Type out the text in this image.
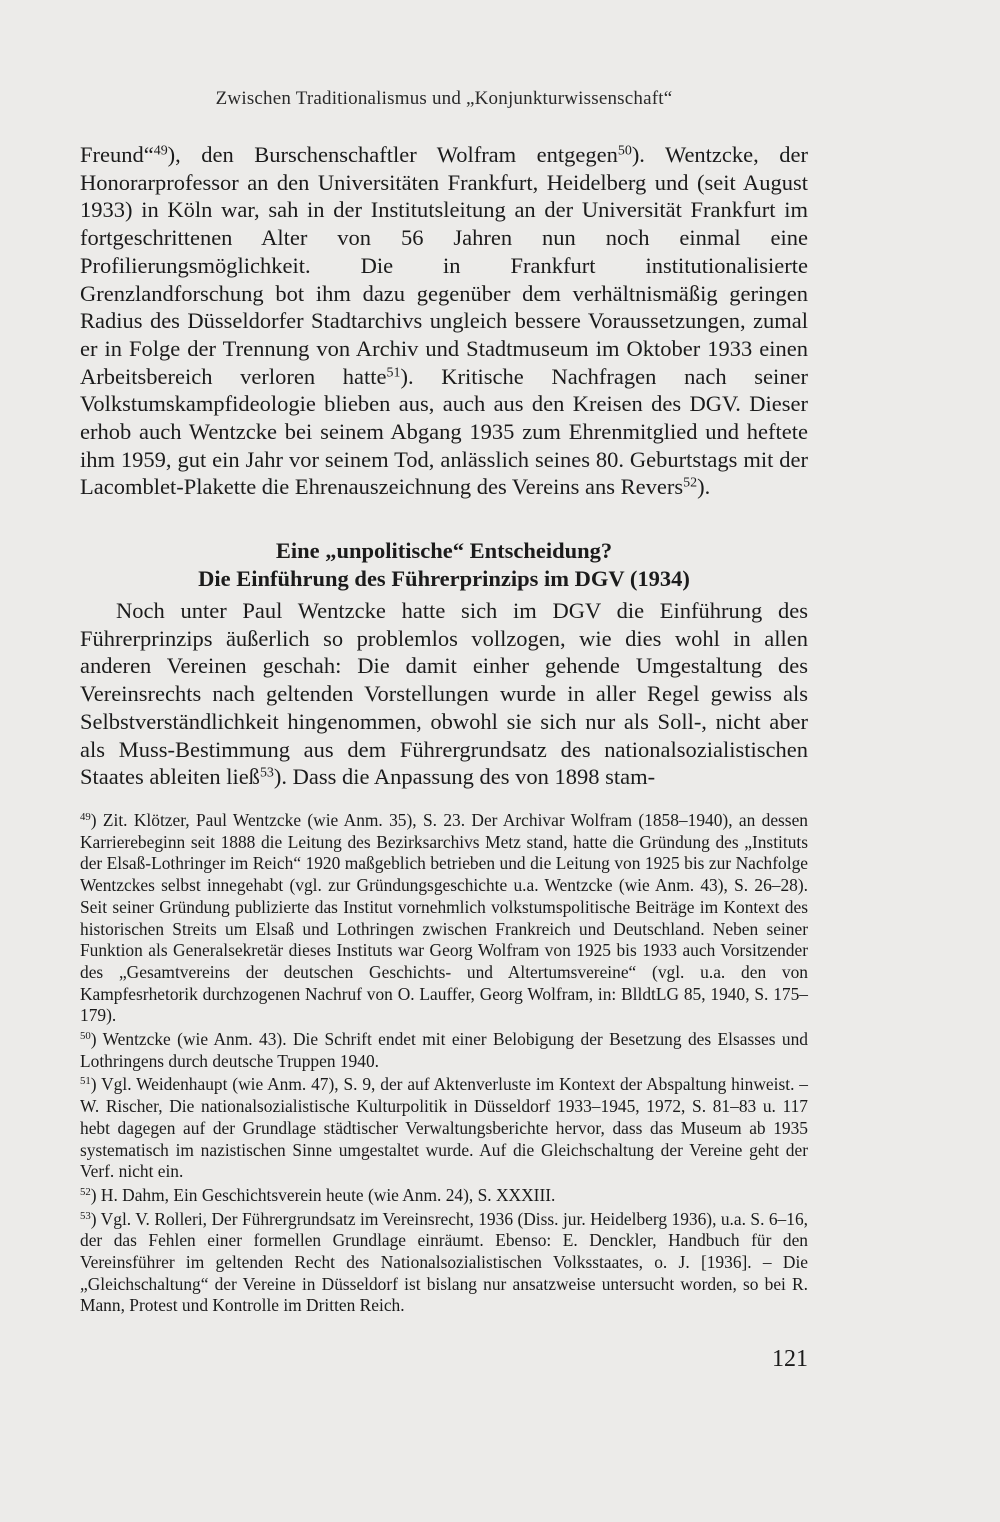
Zwischen Traditionalismus und „Konjunkturwissenschaft“

Freund“$^{49}$), den Burschenschaftler Wolfram entgegen$^{50}$). Wentzcke, der Honorarprofessor an den Universitäten Frankfurt, Heidelberg und (seit August 1933) in Köln war, sah in der Institutsleitung an der Universität Frankfurt im fortgeschrittenen Alter von 56 Jahren nun noch einmal eine Profilierungsmöglichkeit. Die in Frankfurt institutionalisierte Grenzlandforschung bot ihm dazu gegenüber dem verhältnismäßig geringen Radius des Düsseldorfer Stadtarchivs ungleich bessere Voraussetzungen, zumal er in Folge der Trennung von Archiv und Stadtmuseum im Oktober 1933 einen Arbeitsbereich verloren hatte$^{51}$). Kritische Nachfragen nach seiner Volkstumskampfideologie blieben aus, auch aus den Kreisen des DGV. Dieser erhob auch Wentzcke bei seinem Abgang 1935 zum Ehrenmitglied und heftete ihm 1959, gut ein Jahr vor seinem Tod, anlässlich seines 80. Geburtstags mit der Lacomblet-Plakette die Ehrenauszeichnung des Vereins ans Revers$^{52}$).

Eine „unpolitische“ Entscheidung?
Die Einführung des Führerprinzips im DGV (1934)

Noch unter Paul Wentzcke hatte sich im DGV die Einführung des Führerprinzips äußerlich so problemlos vollzogen, wie dies wohl in allen anderen Vereinen geschah: Die damit einher gehende Umgestaltung des Vereinsrechts nach geltenden Vorstellungen wurde in aller Regel gewiss als Selbstverständlichkeit hingenommen, obwohl sie sich nur als Soll-, nicht aber als Muss-Bestimmung aus dem Führergrundsatz des nationalsozialistischen Staates ableiten ließ$^{53}$). Dass die Anpassung des von 1898 stam-

$^{49}$) Zit. Klötzer, Paul Wentzcke (wie Anm. 35), S. 23. Der Archivar Wolfram (1858–1940), an dessen Karrierebeginn seit 1888 die Leitung des Bezirksarchivs Metz stand, hatte die Gründung des „Instituts der Elsaß-Lothringer im Reich“ 1920 maßgeblich betrieben und die Leitung von 1925 bis zur Nachfolge Wentzckes selbst innegehabt (vgl. zur Gründungsgeschichte u.a. Wentzcke (wie Anm. 43), S. 26–28). Seit seiner Gründung publizierte das Institut vornehmlich volkstumspolitische Beiträge im Kontext des historischen Streits um Elsaß und Lothringen zwischen Frankreich und Deutschland. Neben seiner Funktion als Generalsekretär dieses Instituts war Georg Wolfram von 1925 bis 1933 auch Vorsitzender des „Gesamtvereins der deutschen Geschichts- und Altertumsvereine“ (vgl. u.a. den von Kampfesrhetorik durchzogenen Nachruf von O. Lauffer, Georg Wolfram, in: BlldtLG 85, 1940, S. 175–179).

$^{50}$) Wentzcke (wie Anm. 43). Die Schrift endet mit einer Belobigung der Besetzung des Elsasses und Lothringens durch deutsche Truppen 1940.

$^{51}$) Vgl. Weidenhaupt (wie Anm. 47), S. 9, der auf Aktenverluste im Kontext der Abspaltung hinweist. – W. Rischer, Die nationalsozialistische Kulturpolitik in Düsseldorf 1933–1945, 1972, S. 81–83 u. 117 hebt dagegen auf der Grundlage städtischer Verwaltungsberichte hervor, dass das Museum ab 1935 systematisch im nazistischen Sinne umgestaltet wurde. Auf die Gleichschaltung der Vereine geht der Verf. nicht ein.

$^{52}$) H. Dahm, Ein Geschichtsverein heute (wie Anm. 24), S. XXXIII.

$^{53}$) Vgl. V. Rolleri, Der Führergrundsatz im Vereinsrecht, 1936 (Diss. jur. Heidelberg 1936), u.a. S. 6–16, der das Fehlen einer formellen Grundlage einräumt. Ebenso: E. Denckler, Handbuch für den Vereinsführer im geltenden Recht des Nationalsozialistischen Volksstaates, o. J. [1936]. – Die „Gleichschaltung“ der Vereine in Düsseldorf ist bislang nur ansatzweise untersucht worden, so bei R. Mann, Protest und Kontrolle im Dritten Reich.

121
